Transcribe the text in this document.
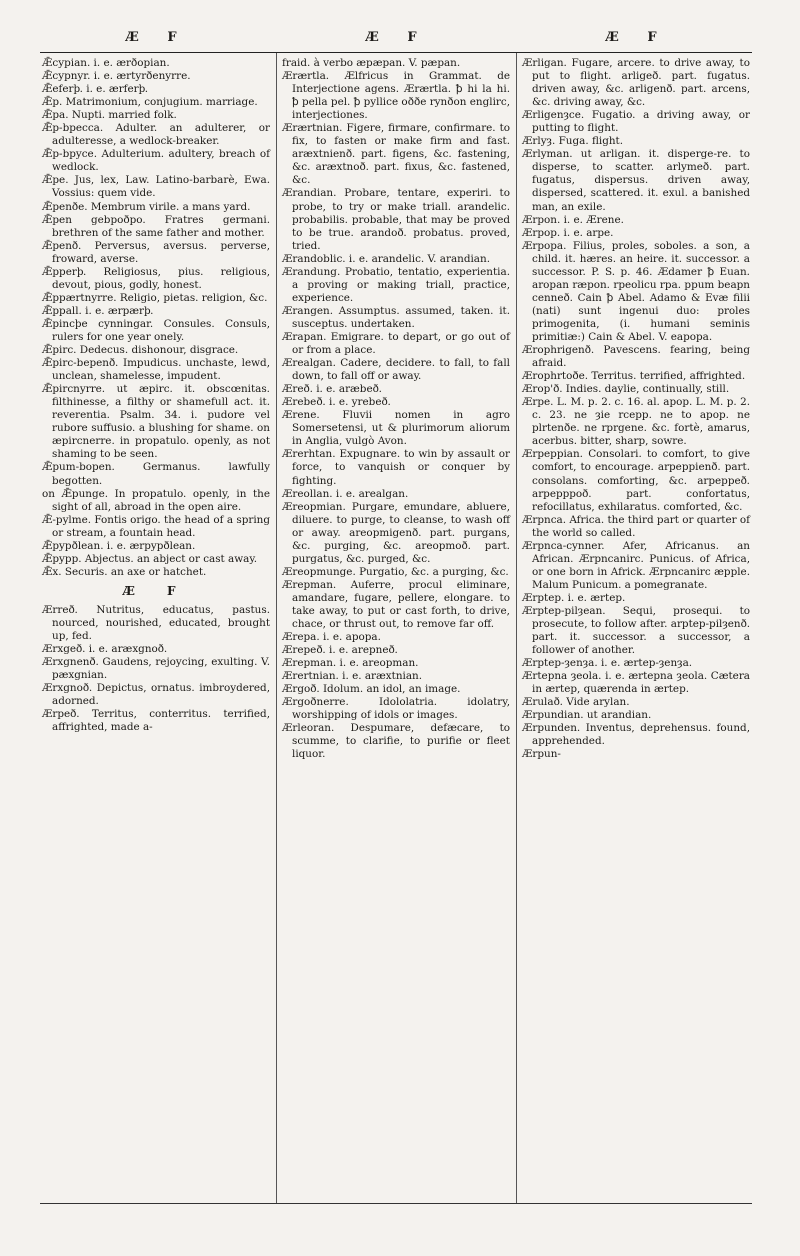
Æ F	Æ F	Æ F

Ǣcypian. i. e. ærðopian.

Ǣcypnyr. i. e. ærtyrðenyrre.

Ǣeferþ. i. e. ærferþ.

Ǣp. Matrimonium, conjugium. marriage.

Ǣpa. Nupti. married folk.

Ǣp-bpecca. Adulter. an adulterer, or adulteresse, a wedlock-breaker.

Ǣp-bpyce. Adulterium. adultery, breach of wedlock.

Ǣpe. Jus, lex, Law. Latino-barbarè, Ewa. Vossius: quem vide.

Ǣpenðe. Membrum virile. a mans yard.

Ǣpen gebpoðpo. Fratres germani. brethren of the same father and mother.

Ǣpenð. Perversus, aversus. perverse, froward, averse.

Ǣpperþ. Religiosus, pius. religious, devout, pious, godly, honest.

Ǣppærtnyrre. Religio, pietas. religion, &c.

Ǣppall. i. e. ærpærþ.

Ǣpincþe cynningar. Consules. Consuls, rulers for one year onely.

Ǣpirc. Dedecus. dishonour, disgrace.

Ǣpirc-bepenð. Impudicus. unchaste, lewd, unclean, shamelesse, impudent.

Ǣpircnyrre. ut æpirc. it. obscœnitas. filthinesse, a filthy or shamefull act. it. reverentia. Psalm. 34. i. pudore vel rubore suffusio. a blushing for shame. on æpircnerre. in propatulo. openly, as not shaming to be seen.

Ǣpum-bopen. Germanus. lawfully begotten.

on Ǣpunge. In propatulo. openly, in the sight of all, abroad in the open aire.

Ǣ-pylme. Fontis origo. the head of a spring or stream, a fountain head.

Ǣpypðlean. i. e. ærpypðlean.

Ǣpypp. Abjectus. an abject or cast away.

Ǣx. Securis. an axe or hatchet.

Æ F

Ærreð. Nutritus, educatus, pastus. nourced, nourished, educated, brought up, fed.

Ærxgeð. i. e. aræxgnoð.

Ærxgnenð. Gaudens, rejoycing, exulting. V. pæxgnian.

Ærxgnoð. Depictus, ornatus. imbroydered, adorned.

Ærpeð. Territus, conterritus. terrified, affrighted, made a-

fraid. à verbo æpæpan. V. pæpan.

Ærærtla. Ælfricus in Grammat. de Interjectione agens. Ærærtla. ꝥ hi la hi. ꝥ pella pel. ꝥ pyllice oððe rynðon englirc, interjectiones.

Ærærtnian. Figere, firmare, confirmare. to fix, to fasten or make firm and fast. aræxtnienð. part. figens, &c. fastening, &c. aræxtnoð. part. fixus, &c. fastened, &c.

Ærandian. Probare, tentare, experiri. to probe, to try or make triall. arandelic. probabilis. probable, that may be proved to be true. arandoð. probatus. proved, tried.

Ærandoblic. i. e. arandelic. V. arandian.

Ærandung. Probatio, tentatio, experientia. a proving or making triall, practice, experience.

Ærangen. Assumptus. assumed, taken. it. susceptus. undertaken.

Ærapan. Emigrare. to depart, or go out of or from a place.

Ærealgan. Cadere, decidere. to fall, to fall down, to fall off or away.

Æreð. i. e. aræbeð.

Ærebeð. i. e. yrebeð.

Ærene. Fluvii nomen in agro Somersetensi, ut & plurimorum aliorum in Anglia, vulgò Avon.

Ærerhtan. Expugnare. to win by assault or force, to vanquish or conquer by fighting.

Æreollan. i. e. arealgan.

Æreopmian. Purgare, emundare, abluere, diluere. to purge, to cleanse, to wash off or away. areopmigenð. part. purgans, &c. purging, &c. areopmoð. part. purgatus, &c. purged, &c.

Æreopmunge. Purgatio, &c. a purging, &c.

Ærepman. Auferre, procul eliminare, amandare, fugare, pellere, elongare. to take away, to put or cast forth, to drive, chace, or thrust out, to remove far off.

Ærepa. i. e. apopa.

Ærepeð. i. e. arepneð.

Ærepman. i. e. areopman.

Ærertnian. i. e. aræxtnian.

Ærgoð. Idolum. an idol, an image.

Ærgoðnerre. Idololatria. idolatry, worshipping of idols or images.

Ærleoran. Despumare, defæcare, to scumme, to clarifie, to purifie or fleet liquor.

Ærligan. Fugare, arcere. to drive away, to put to flight. arligeð. part. fugatus. driven away, &c. arligenð. part. arcens, &c. driving away, &c.

Ærligenȝce. Fugatio. a driving away, or putting to flight.

Ærlyȝ. Fuga. flight.

Ærlyman. ut arligan. it. disperge-re. to disperse, to scatter. arlymeð. part. fugatus, dispersus. driven away, dispersed, scattered. it. exul. a banished man, an exile.

Ærpon. i. e. Ærene.

Ærpop. i. e. arpe.

Ærpopa. Filius, proles, soboles. a son, a child. it. hæres. an heire. it. successor. a successor. P. S. p. 46. Ædamer ꝥ Euan. aropan ræpon. rpeolicu rpa. ppum beapn cenneð. Cain ꝥ Abel. Adamo & Evæ filii (nati) sunt ingenui duo: proles primogenita, (i. humani seminis primitiæ:) Cain & Abel. V. eapopa.

Ærophrigenð. Pavescens. fearing, being afraid.

Ærophrtoðe. Territus. terrified, affrighted.

Ærop'ð. Indies. daylie, continually, still.

Ærpe. L. M. p. 2. c. 16. al. apop. L. M. p. 2. c. 23. ne ȝie rcepp. ne to apop. ne plrtenðe. ne rprgene. &c. fortè, amarus, acerbus. bitter, sharp, sowre.

Ærpeppian. Consolari. to comfort, to give comfort, to encourage. arpeppienð. part. consolans. comforting, &c. arpeppeð. arpepppoð. part. confortatus, refocillatus, exhilaratus. comforted, &c.

Ærpnca. Africa. the third part or quarter of the world so called.

Ærpnca-cynner. Afer, Africanus. an African. Ærpncanirc. Punicus. of Africa, or one born in Africk. Ærpncanirc æpple. Malum Punicum. a pomegranate.

Ærptep. i. e. ærtep.

Ærptep-pilȝean. Sequi, prosequi. to prosecute, to follow after. arptep-pilȝenð. part. it. successor. a successor, a follower of another.

Ærptep-ȝenȝa. i. e. ærtep-ȝenȝa.

Ærtepna ȝeola. i. e. ærtepna ȝeola. Cætera in ærtep, quærenda in ærtep.

Ærulað. Vide arylan.

Ærpundian. ut arandian.

Ærpunden. Inventus, deprehensus. found, apprehended.

Ærpun-
